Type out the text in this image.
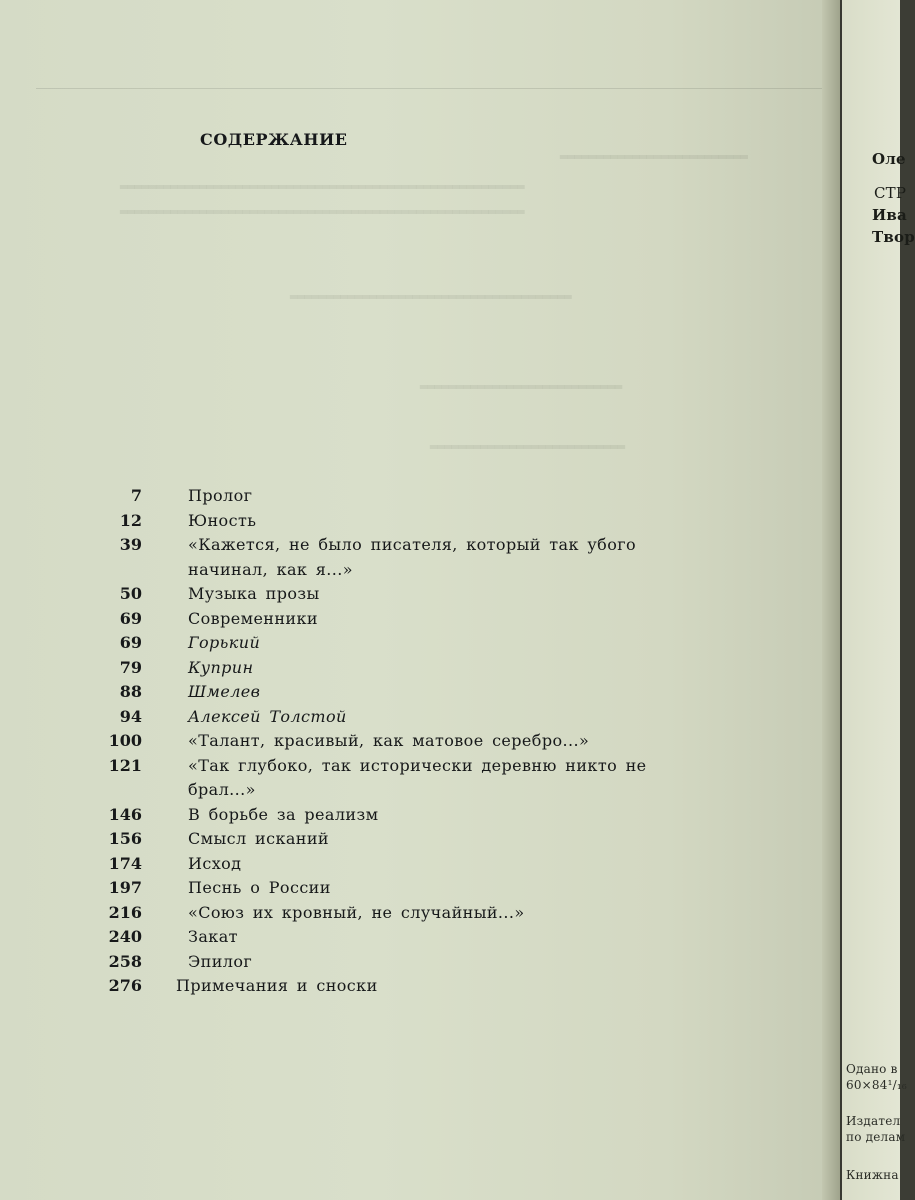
══════════════════════════
════════════════════════════════════════════════════════
════════════════════════════════════════════════════════
═══════════════════════════════════════
════════════════════════════
═══════════════════════════
СОДЕРЖАНИЕ
7	Пролог
12	Юность
39	«Кажется, не было писателя, который так убого начинал, как я...»
50	Музыка прозы
69	Современники
69	Горький
79	Куприн
88	Шмелев
94	Алексей Толстой
100	«Талант, красивый, как матовое серебро...»
121	«Так глубоко, так исторически деревню никто не брал...»
146	В борьбе за реализм
156	Смысл исканий
174	Исход
197	Песнь о России
216	«Союз их кровный, не случайный...»
240	Закат
258	Эпилог
276	Примечания и сноски
Оле
СТР
Ива
Твор
Одано в
60×84¹/₁₆
Издател
по делам
Книжна
